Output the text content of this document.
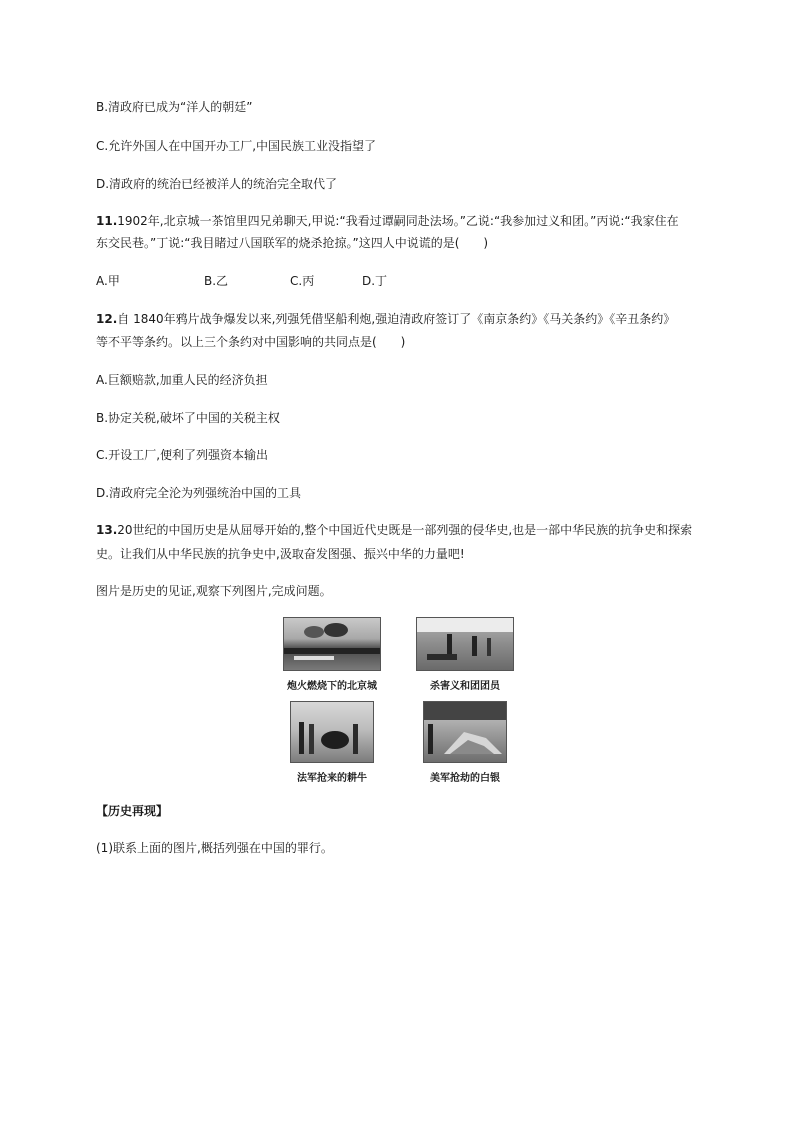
B.清政府已成为“洋人的朝廷”
C.允许外国人在中国开办工厂,中国民族工业没指望了
D.清政府的统治已经被洋人的统治完全取代了
11.1902年,北京城一茶馆里四兄弟聊天,甲说:“我看过谭嗣同赴法场。”乙说:“我参加过义和团。”丙说:“我家住在
东交民巷。”丁说:“我目睹过八国联军的烧杀抢掠。”这四人中说谎的是(　　)
A.甲	B.乙	C.丙	D.丁
12.自 1840年鸦片战争爆发以来,列强凭借坚船利炮,强迫清政府签订了《南京条约》《马关条约》《辛丑条约》
等不平等条约。以上三个条约对中国影响的共同点是(　　)
A.巨额赔款,加重人民的经济负担
B.协定关税,破坏了中国的关税主权
C.开设工厂,便利了列强资本输出
D.清政府完全沦为列强统治中国的工具
13.20世纪的中国历史是从屈辱开始的,整个中国近代史既是一部列强的侵华史,也是一部中华民族的抗争史和探索
史。让我们从中华民族的抗争史中,汲取奋发图强、振兴中华的力量吧!
图片是历史的见证,观察下列图片,完成问题。
炮火燃烧下的北京城	杀害义和团团员
法军抢来的耕牛	美军抢劫的白银
【历史再现】
(1)联系上面的图片,概括列强在中国的罪行。
